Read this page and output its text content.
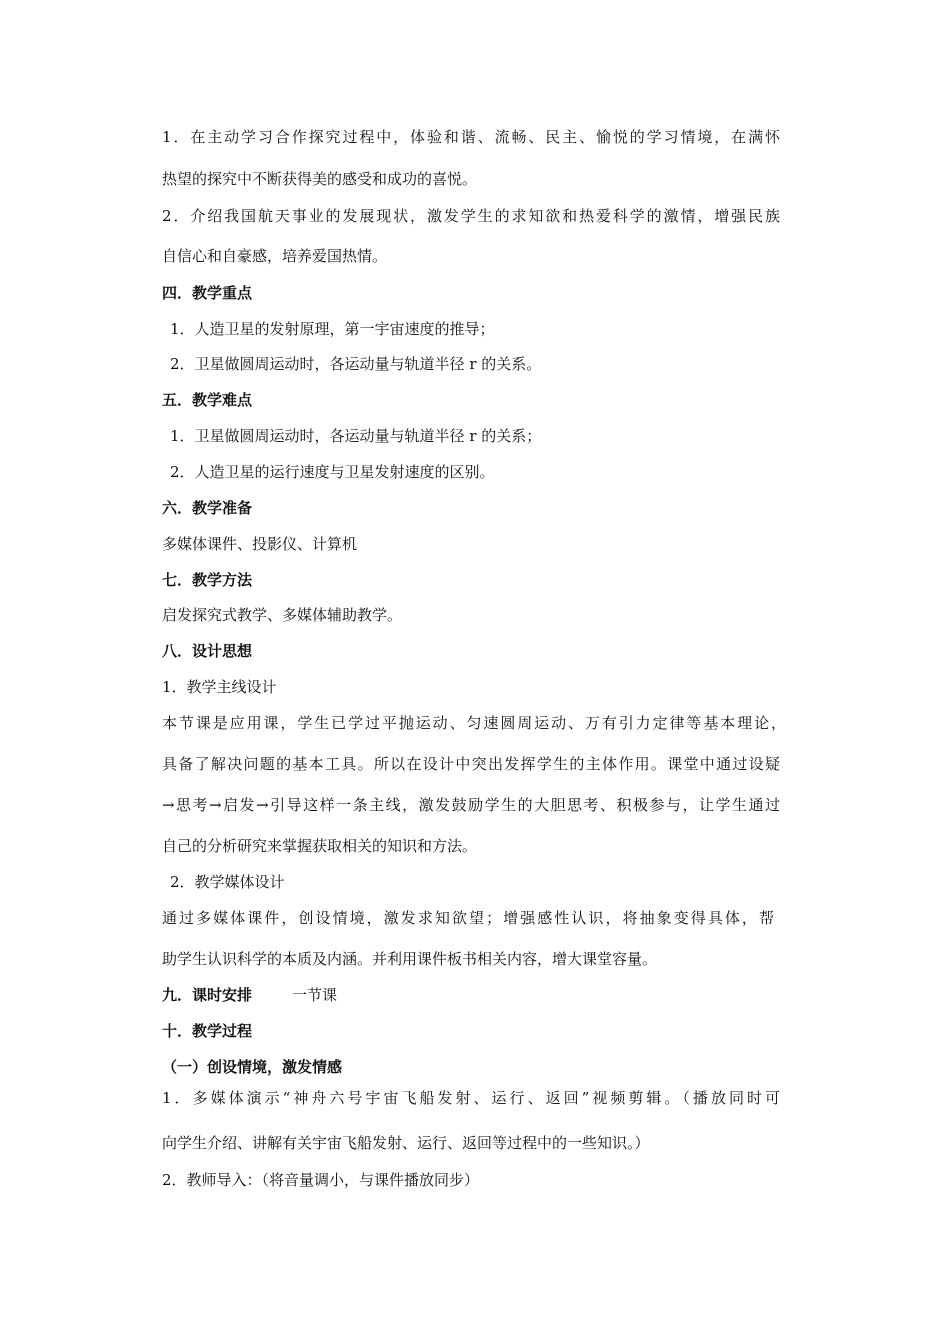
1．在主动学习合作探究过程中，体验和谐、流畅、民主、愉悦的学习情境，在满怀
热望的探究中不断获得美的感受和成功的喜悦。
2．介绍我国航天事业的发展现状，激发学生的求知欲和热爱科学的激情，增强民族
自信心和自豪感，培养爱国热情。
四．教学重点
1．人造卫星的发射原理，第一宇宙速度的推导；
2．卫星做圆周运动时，各运动量与轨道半径 r 的关系。
五．教学难点
1．卫星做圆周运动时，各运动量与轨道半径 r 的关系；
2．人造卫星的运行速度与卫星发射速度的区别。
六．教学准备
多媒体课件、投影仪、计算机
七．教学方法
启发探究式教学、多媒体辅助教学。
八．设计思想
1．教学主线设计
本节课是应用课，学生已学过平抛运动、匀速圆周运动、万有引力定律等基本理论，
具备了解决问题的基本工具。所以在设计中突出发挥学生的主体作用。课堂中通过设疑
→思考→启发→引导这样一条主线，激发鼓励学生的大胆思考、积极参与，让学生通过
自己的分析研究来掌握获取相关的知识和方法。
2．教学媒体设计
通过多媒体课件，创设情境，激发求知欲望；增强感性认识，将抽象变得具体，帮
助学生认识科学的本质及内涵。并利用课件板书相关内容，增大课堂容量。
九．课时安排	一节课
十．教学过程
（一）创设情境，激发情感
1．多媒体演示“神舟六号宇宙飞船发射、运行、返回”视频剪辑。（播放同时可
向学生介绍、讲解有关宇宙飞船发射、运行、返回等过程中的一些知识。）
2．教师导入：（将音量调小，与课件播放同步）
